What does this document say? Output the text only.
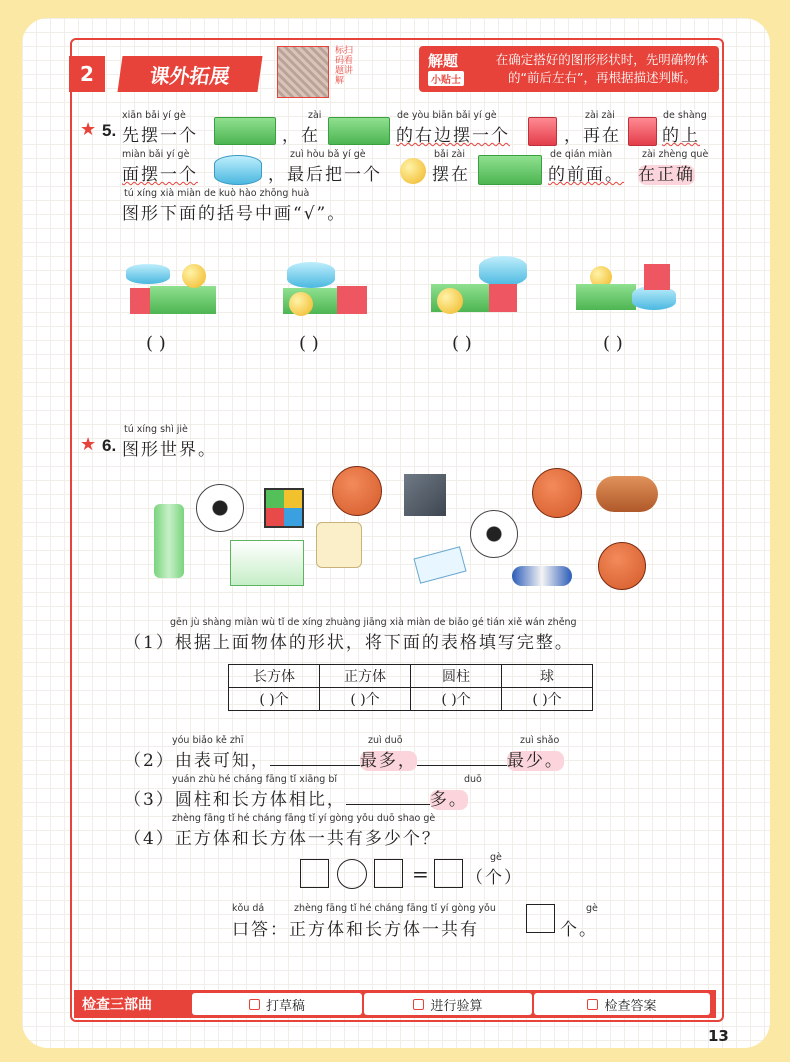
2	课外拓展
标扫码看题讲解
解题
小贴士
在确定搭好的图形形状时，先明确物体的“前后左右”，再根据描述判断。
★ 5.
xiān bǎi yí gè
先摆一个
zài
，在
de yòu biān bǎi yí gè
的右边摆一个
zài zài
，再在
de shàng
的上
miàn bǎi yí gè
面摆一个
zuì hòu bǎ yí gè
，最后把一个
bǎi zài
摆在
de qián miàn
的前面。
zài zhèng què
在正确
tú xíng xià miàn de kuò hào zhōng huà
图形下面的括号中画“√”。
( )	( )	( )	( )
★ 6.
tú xíng shì jiè
图形世界。
gēn jù shàng miàn wù tǐ de xíng zhuàng jiāng xià miàn de biǎo gé tián xiě wán zhěng
（1）根据上面物体的形状，将下面的表格填写完整。
长方体	正方体	圆柱	球
( )个	( )个	( )个	( )个
yóu biǎo kě zhī	zuì duō	zuì shǎo
（2）由表可知，	最多，	最少。
yuán zhù hé cháng fāng tǐ xiāng bǐ	duō
（3）圆柱和长方体相比，	多。
zhèng fāng tǐ hé cháng fāng tǐ yí gòng yǒu duō shao gè
（4）正方体和长方体一共有多少个？
=
gè
（个）
kǒu dá	zhèng fāng tǐ hé cháng fāng tǐ yí gòng yǒu	gè
口答：正方体和长方体一共有	个。
检查三部曲	打草稿	进行验算	检查答案
13
